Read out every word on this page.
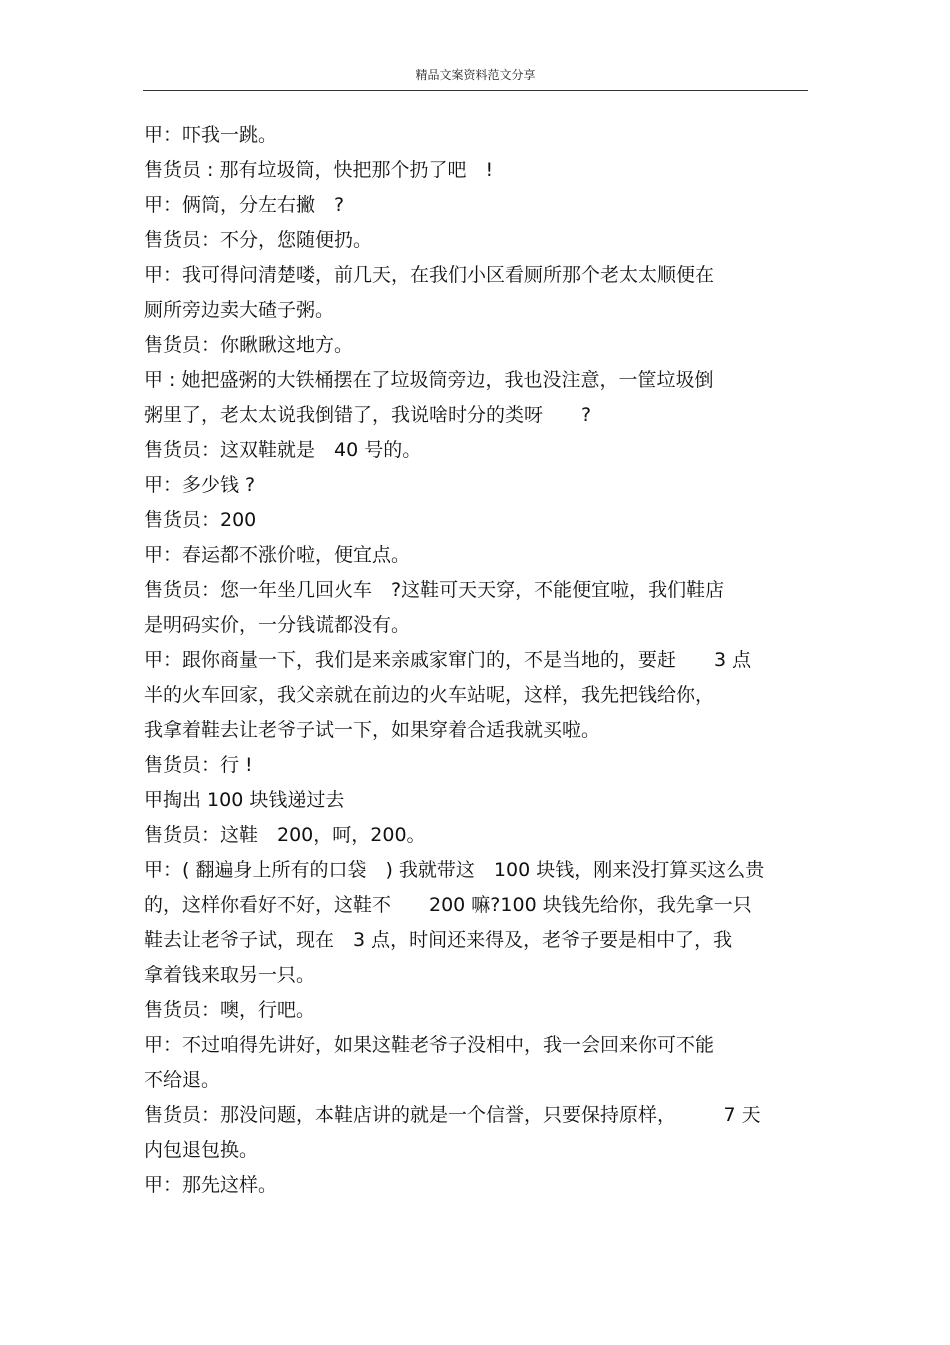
精品文案资料范文分享
甲：吓我一跳。
售货员 : 那有垃圾筒，快把那个扔了吧　!
甲：俩筒，分左右撇　?
售货员：不分，您随便扔。
甲：我可得问清楚喽，前几天，在我们小区看厕所那个老太太顺便在
厕所旁边卖大碴子粥。
售货员：你瞅瞅这地方。
甲 : 她把盛粥的大铁桶摆在了垃圾筒旁边，我也没注意，一筐垃圾倒
粥里了，老太太说我倒错了，我说啥时分的类呀　　?
售货员：这双鞋就是　40 号的。
甲：多少钱 ?
售货员：200
甲：春运都不涨价啦，便宜点。
售货员：您一年坐几回火车　?这鞋可天天穿，不能便宜啦，我们鞋店
是明码实价，一分钱谎都没有。
甲：跟你商量一下，我们是来亲戚家窜门的，不是当地的，要赶　　3 点
半的火车回家，我父亲就在前边的火车站呢，这样，我先把钱给你，
我拿着鞋去让老爷子试一下，如果穿着合适我就买啦。
售货员：行 !
甲掏出 100 块钱递过去
售货员：这鞋　200，呵，200。
甲：( 翻遍身上所有的口袋　) 我就带这　100 块钱，刚来没打算买这么贵
的，这样你看好不好，这鞋不　　200 嘛?100 块钱先给你，我先拿一只
鞋去让老爷子试，现在　3 点，时间还来得及，老爷子要是相中了，我
拿着钱来取另一只。
售货员：噢，行吧。
甲：不过咱得先讲好，如果这鞋老爷子没相中，我一会回来你可不能
不给退。
售货员：那没问题，本鞋店讲的就是一个信誉，只要保持原样，　　　7 天
内包退包换。
甲：那先这样。
